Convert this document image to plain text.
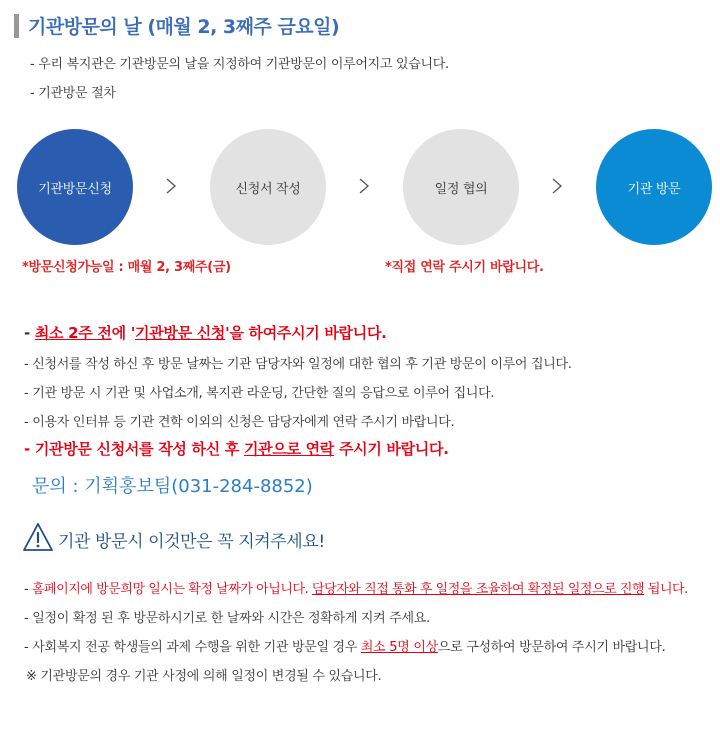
기관방문의 날 (매월 2, 3째주 금요일)
- 우리 복지관은 기관방문의 날을 지정하여 기관방문이 이루어지고 있습니다.
- 기관방문 절차
기관방문신청	신청서 작성	일정 협의	기관 방문
*방문신청가능일 : 매월 2, 3째주(금)	*직접 연락 주시기 바랍니다.
- 최소 2주 전에 '기관방문 신청'을 하여주시기 바랍니다.
- 신청서를 작성 하신 후 방문 날짜는 기관 담당자와 일정에 대한 협의 후 기관 방문이 이루어 집니다.
- 기관 방문 시 기관 및 사업소개, 복지관 라운딩, 간단한 질의 응답으로 이루어 집니다.
- 이용자 인터뷰 등 기관 견학 이외의 신청은 담당자에게 연락 주시기 바랍니다.
- 기관방문 신청서를 작성 하신 후 기관으로 연락 주시기 바랍니다.
문의 : 기획홍보팀(031-284-8852)
기관 방문시 이것만은 꼭 지켜주세요!
- 홈페이지에 방문희망 일시는 확정 날짜가 아닙니다. 담당자와 직접 통화 후 일정을 조율하여 확정된 일정으로 진행 됩니다.
- 일정이 확정 된 후 방문하시기로 한 날짜와 시간은 정확하게 지켜 주세요.
- 사회복지 전공 학생들의 과제 수행을 위한 기관 방문일 경우 최소 5명 이상으로 구성하여 방문하여 주시기 바랍니다.
※ 기관방문의 경우 기관 사정에 의해 일정이 변경될 수 있습니다.
